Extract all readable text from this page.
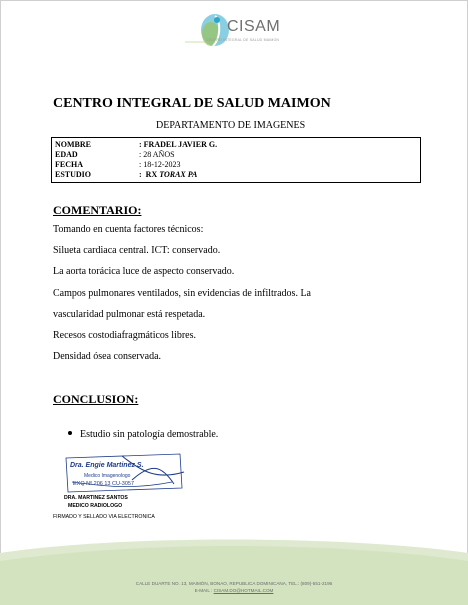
CISAM
CENTRO INTEGRAL DE SALUD MAIMON
CENTRO INTEGRAL DE SALUD MAIMON
DEPARTAMENTO DE IMAGENES
NOMBRE	: FRADEL JAVIER G.
EDAD	: 28 AÑOS
FECHA	: 18-12-2023
ESTUDIO	:  RX TORAX PA
COMENTARIO:
Tomando en cuenta factores técnicos:
Silueta cardiaca central. ICT: conservado.
La aorta torácica luce de aspecto conservado.
Campos pulmonares ventilados, sin evidencias de infiltrados. La
vascularidad pulmonar está respetada.
Recesos costodiafragmáticos libres.
Densidad ósea conservada.
CONCLUSION:
Estudio sin patología demostrable.
Dra. Engie Martinez S.
Medico Imagenologo
EXQ Nº 206 13 CU-3057
DRA. MARTINEZ SANTOS
MEDICO RADIOLOGO
FIRMADO Y SELLADO VIA ELECTRONICA
CALLE DUARTE NO. 13, MAIMÓN, BONAO, REPUBLICA DOMINICANA, TEL.: (809)-551-2196
E-MAIL : CISAM.DO@HOTMAIL.COM
